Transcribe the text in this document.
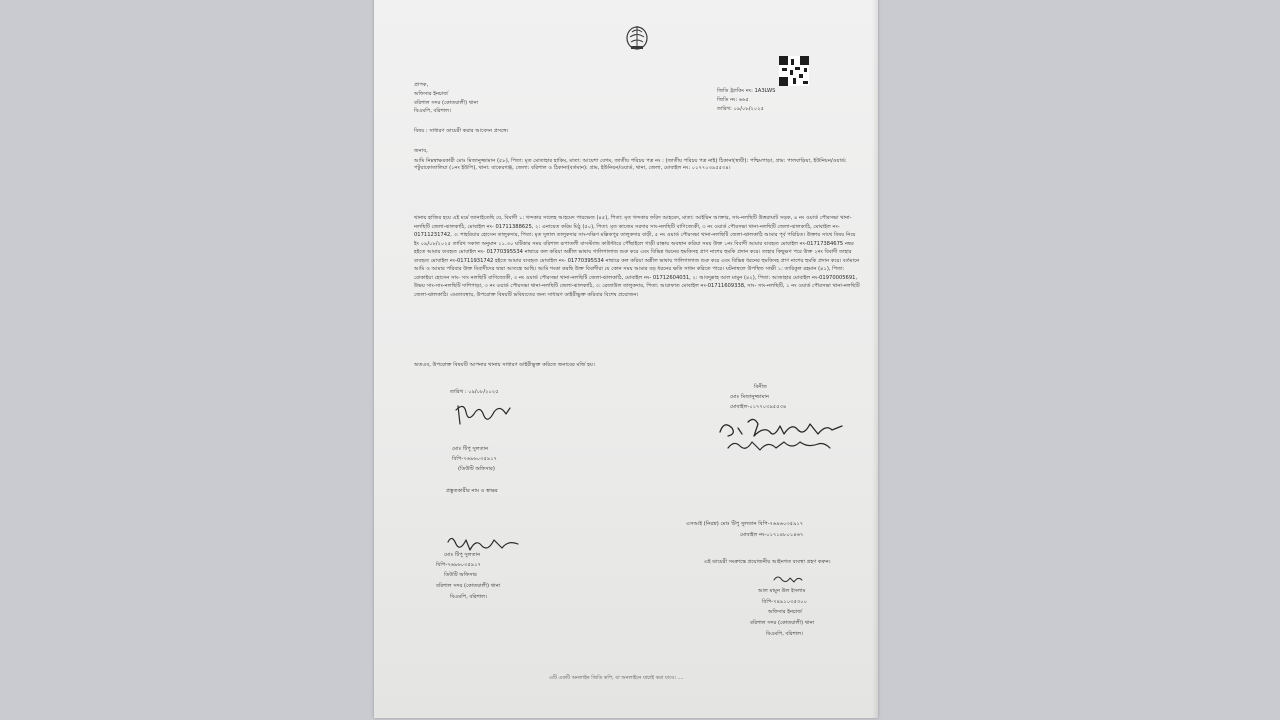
প্রাপক,
অফিসার ইনচার্জ
বরিশাল সদর (কোতয়ালী) থানা
বিএমপি, বরিশাল।
জিডি ট্র্যাকিং নং: 1A3LWS
জিডি নং: ৬৬৫
তারিখ: ০৯/০৮/২০২৫
বিষয় : সাধারণ ডায়েরী করার আবেদন প্রসঙ্গে।
জনাব,
আমি নিম্নস্বাক্ষরকারী মোঃ মিজানুজ্জামান (৫৮), পিতা: মৃত মোতাহার হাকিম, মাতা: আয়েশা বেগম, জাতীয় পরিচয় পত্র নং : (জাতীয় পরিচয় পত্র নাই) ঠিকানা(স্থায়ী): পশ্চিমপাড়া, গ্রাম: পালবাড়িয়া, ইউনিয়ন/ওয়ার্ড: পটুয়াকোতালিয়া (১নং ইউপি), থানা: বাকেরগঞ্জ, জেলা: বরিশাল ও ঠিকানা(বর্তমান): গ্রাম, ইউনিয়ন/ওয়ার্ড, থানা, জেলা, মোবাইল নং: ০১৭৭০৩৯৫৫৩৪।
থানায় হাজির হয়ে এই মর্মে জানাইতেছি যে, বিবাদী ১: খন্দকার সালেহ আহমেদ পারভেজ (৪৫), পিতা: মৃত খন্দকার ফরিদ আহমেদ, মাতা: আইরিন আক্তার, সাং-নলছিটি উত্তরাঘাট সড়ক, ৪ নং ওয়ার্ড পৌরসভা থানা-নলছিটি জেলা-ঝালকাঠি, মোবাইল নং- 01711388625, ২: এনায়েত করিম মিঠু (৫০), পিতা: মৃত কাজেম সরদার সাং-নলছিটি বাণিজ্যেকী, ৩ নং ওয়ার্ড পৌরসভা থানা-নলছিটি জেলা-ঝালকাঠি, মোবাইল নং- 01711231742, ৩: শাহরিয়ার হোসেন তালুকদার, পিতা: মৃত দুলাল তালুকদার সাং-দক্ষিণ মল্লিকপুর তালুকদার বাড়ী, ৫ নং ওয়ার্ড পৌরসভা থানা-নলছিটি জেলা-ঝালকাঠি আমার পূর্ব পরিচিত। উক্তার সাথে বিষয় নিয়ে ইং ০৯/০৮/২০২৫ তারিখ সকাল অনুমান ১১.৩০ ঘটিকার সময় বরিশাল রূপাতলী বাসস্ট্যান্ড কাউন্টারে পৌঁছাইলে গাড়ী রাস্তায় অবস্থান করিয়া সময় উক্ত ১নং বিবাদী আমার ব্যবহৃত মোবাইল নং-01717384675 নম্বর হইতে আমার ব্যবহৃত মোবাইল নং- 01770395534 নাম্বারে কল করিয়া অশ্লীল ভাষায় গালিগালাজ শুরু করে এবং বিভিন্ন ধরনের হুমকিসহ প্রাণ নাশের হুমকি প্রদান করে। তাহার কিছুক্ষণ পরে উক্ত ২নং বিবাদী তাহার ব্যবহৃত মোবাইল নং-01711931742 হইতে আমার ব্যবহৃত মোবাইল নং- 01770395534 নাম্বারে কল করিয়া অশ্লীল ভাষায় গালিগালাজ শুরু করে এবং বিভিন্ন ধরনের হুমকিসহ প্রাণ নাশের হুমকি প্রদান করে। বর্তমানে আমি ও আমার পরিবার উক্ত বিবাদীদের দ্বারা আতঙ্কে আছি। আমি শংকা করছি উক্ত বিবাদীরা যে কোন সময় আমার বড় ধরনের ক্ষতি সাধন করিতে পারে। ঘটনাস্থলে উপস্থিত সাক্ষী ১: তারিকুল রহমান (৪১), পিতা: রোকাইয়া হোসেন সাং- সাং নলছিটি বাণিজ্যেকী, ৩ নং ওয়ার্ড পৌরসভা থানা-নলছিটি জেলা-ঝালকাঠি, মোবাইল নং- 01712604031, ২: আবদুল্লাহ আল মামুন (৪২), পিতা: আজাহার মোবাইল নং-01970005691, উভয় সাং-সাং-নলছিটি দাশিপাড়া, ৩ নং ওয়ার্ড পৌরসভা থানা-নলছিটি জেলা-ঝালকাঠি, ৩: রেজাউল তালুকদার, পিতা: আরাফাত মোবাইল নং-01711609338, সাং- সাং-নলছিটি, ১ নং ওয়ার্ড পৌরসভা থানা-নলছিটি জেলা-ঝালকাঠি। এমতাবস্থায়, উপরোক্ত বিষয়টি ভবিষ্যতের জন্য সাধারণ ডাইরীভুক্ত করিবার বিশেষ প্রয়োজন।
অতএব, উপরোক্ত বিষয়টি আপনার থানায় সাধারণ ডাইরীভুক্ত করিতে জনাবের মর্জি হয়।
বিনীত
মোঃ মিজানুজ্জামান
মোবাইল-০১৭৭০৩৯৫৫৩৪
তারিখ : ০৯/০৮/২০২৫
মোঃ টিপু সুলতান
বিপি-৭৬৯৬০৩৫৯১৭
(ডিউটি অফিসার)
প্রস্তুতকারীর নাম ও স্বাক্ষর
মোঃ টিপু সুলতান
বিপি-৭৬৯৬০৩৫৯১৭
ডিউটি অফিসার
বরিশাল সদর (কোতয়ালী) থানা
বিএমপি, বরিশাল।
এসআই (নিরস্ত্র) মোঃ টিপু সুলতান বিপি-৭৬৯৬০৩৫৯১৭
মোবাইল নং-০১৭১৪৮০১৪৬৭
এই ডায়েরী সংক্রান্তে প্রয়োজনীয় আইনগত ব্যবস্থা গ্রহণ করুন।
আল মামুন উল ইসলাম
বিপি-৭৪৯১০৩৫৩০০
অফিসার ইনচার্জ
বরিশাল সদর (কোতয়ালী) থানা
বিএমপি, বরিশাল।
এটি একটি অনলাইন জিডি কপি, যা অনলাইনে যাচাই করা যাবে। ....
